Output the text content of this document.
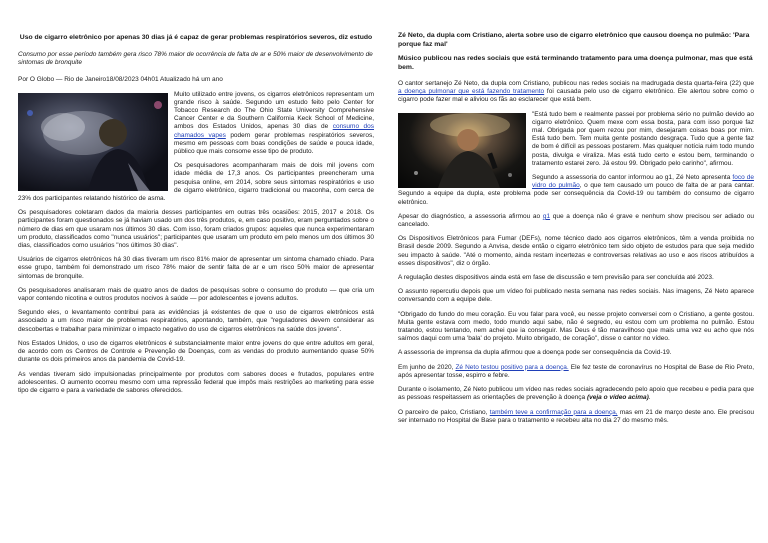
Uso de cigarro eletrônico por apenas 30 dias já é capaz de gerar problemas respiratórios severos, diz estudo
Consumo por esse período também gera risco 78% maior de ocorrência de falta de ar e 50% maior de desenvolvimento de sintomas de bronquite
Por O Globo — Rio de Janeiro18/08/2023 04h01 Atualizado há um ano

Muito utilizado entre jovens, os cigarros eletrônicos representam um grande risco à saúde. Segundo um estudo feito pelo Center for Tobacco Research do The Ohio State University Comprehensive Cancer Center e da Southern California Keck School of Medicine, ambos dos Estados Unidos, apenas 30 dias de consumo dos chamados vapes podem gerar problemas respiratórios severos, mesmo em pessoas com boas condições de saúde e pouca idade, público que mais consome esse tipo de produto.

Os pesquisadores acompanharam mais de dois mil jovens com idade média de 17,3 anos. Os participantes preencheram uma pesquisa online, em 2014, sobre seus sintomas respiratórios e uso de cigarro eletrônico, cigarro tradicional ou maconha, com cerca de 23% dos participantes relatando histórico de asma.

Os pesquisadores coletaram dados da maioria desses participantes em outras três ocasiões: 2015, 2017 e 2018. Os participantes foram questionados se já haviam usado um dos três produtos, e, em caso positivo, eram perguntados sobre o número de dias em que usaram nos últimos 30 dias. Com isso, foram criados grupos: aqueles que nunca experimentaram um produto, classificados como "nunca usuários"; participantes que usaram um produto em pelo menos um dos últimos 30 dias, classificados como usuários "nos últimos 30 dias".

Usuários de cigarros eletrônicos há 30 dias tiveram um risco 81% maior de apresentar um sintoma chamado chiado. Para esse grupo, também foi demonstrado um risco 78% maior de sentir falta de ar e um risco 50% maior de apresentar sintomas de bronquite.

Os pesquisadores analisaram mais de quatro anos de dados de pesquisas sobre o consumo do produto — que cria um vapor contendo nicotina e outros produtos nocivos à saúde — por adolescentes e jovens adultos.

Segundo eles, o levantamento contribui para as evidências já existentes de que o uso de cigarros eletrônicos está associado a um risco maior de problemas respiratórios, apontando, também, que "reguladores devem considerar as descobertas e trabalhar para minimizar o impacto negativo do uso de cigarros eletrônicos na saúde dos jovens".

Nos Estados Unidos, o uso de cigarros eletrônicos é substancialmente maior entre jovens do que entre adultos em geral, de acordo com os Centros de Controle e Prevenção de Doenças, com as vendas do produto aumentando quase 50% durante os dois primeiros anos da pandemia de Covid-19.

As vendas tiveram sido impulsionadas principalmente por produtos com sabores doces e frutados, populares entre adolescentes. O aumento ocorreu mesmo com uma repressão federal que impôs mais restrições ao marketing para esse tipo de cigarro e para a variedade de sabores oferecidos.

Zé Neto, da dupla com Cristiano, alerta sobre uso de cigarro eletrônico que causou doença no pulmão: 'Para porque faz mal'
Músico publicou nas redes sociais que está terminando tratamento para uma doença pulmonar, mas que está bem.

O cantor sertanejo Zé Neto, da dupla com Cristiano, publicou nas redes sociais na madrugada desta quarta-feira (22) que a doença pulmonar que está fazendo tratamento foi causada pelo uso de cigarro eletrônico. Ele alertou sobre como o cigarro pode fazer mal e aliviou os fãs ao esclarecer que está bem.

"Está tudo bem e realmente passei por problema sério no pulmão devido ao cigarro eletrônico. Quem mexe com essa bosta, para com isso porque faz mal. Obrigada por quem rezou por mim, desejaram coisas boas por mim. Está tudo bem. Tem muita gente postando desgraça. Tudo que a gente faz de bom é difícil as pessoas postarem. Mas qualquer notícia ruim todo mundo posta, divulga e viraliza. Mas está tudo certo e estou bem, terminando o tratamento estarei zero. Já estou 99. Obrigado pelo carinho", afirmou.

Segundo a assessoria do cantor informou ao g1, Zé Neto apresenta foco de vidro do pulmão, o que tem causado um pouco de falta de ar para cantar. Segundo a equipe da dupla, este problema pode ser consequência da Covid-19 ou também do consumo de cigarro eletrônico.

Apesar do diagnóstico, a assessoria afirmou ao g1 que a doença não é grave e nenhum show precisou ser adiado ou cancelado.

Os Dispositivos Eletrônicos para Fumar (DEFs), nome técnico dado aos cigarros eletrônicos, têm a venda proibida no Brasil desde 2009. Segundo a Anvisa, desde então o cigarro eletrônico tem sido objeto de estudos para que seja medido seu impacto à saúde. "Até o momento, ainda restam incertezas e controversas relativas ao uso e aos riscos atribuídos a esses dispositivos", diz o órgão.

A regulação destes dispositivos ainda está em fase de discussão e tem previsão para ser concluída até 2023.

O assunto repercutiu depois que um vídeo foi publicado nesta semana nas redes sociais. Nas imagens, Zé Neto aparece conversando com a equipe dele.

"Obrigado do fundo do meu coração. Eu vou falar para você, eu nesse projeto conversei com o Cristiano, a gente gostou. Muita gente estava com medo, todo mundo aqui sabe, não é segredo, eu estou com um problema no pulmão. Estou tratando, estou tentando, nem achei que ia conseguir. Mas Deus é tão maravilhoso que mais uma vez eu acho que nós saímos daqui com uma 'bala' do projeto. Muito obrigado, de coração", disse o cantor no vídeo.

A assessoria de imprensa da dupla afirmou que a doença pode ser consequência da Covid-19.

Em junho de 2020, Zé Neto testou positivo para a doença. Ele fez teste de coronavírus no Hospital de Base de Rio Preto, após apresentar tosse, espirro e febre.

Durante o isolamento, Zé Neto publicou um vídeo nas redes sociais agradecendo pelo apoio que recebeu e pedia para que as pessoas respeitassem as orientações de prevenção à doença (veja o vídeo acima).

O parceiro de palco, Cristiano, também teve a confirmação para a doença, mas em 21 de março deste ano. Ele precisou ser internado no Hospital de Base para o tratamento e recebeu alta no dia 27 do mesmo mês.
